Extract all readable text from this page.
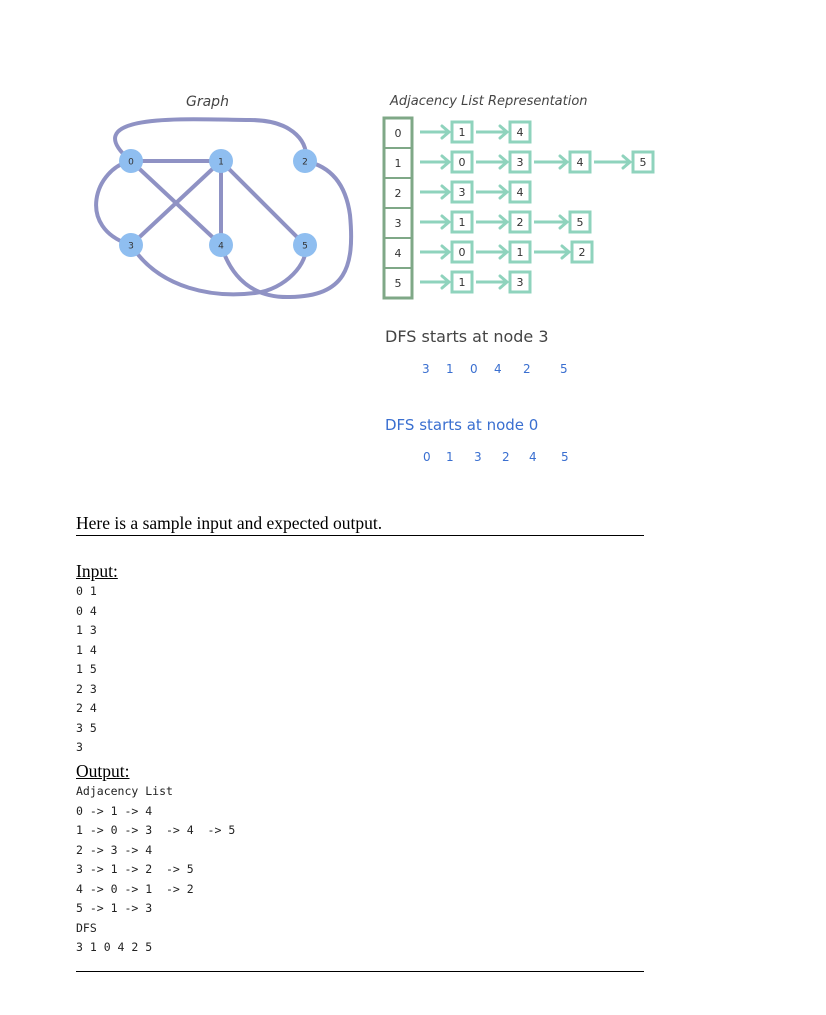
Graph
0	1	2
3	4	5
Adjacency List Representation
0	1	4
1	0	3	4	5
2	3	4
3	1	2	5
4	0	1	2
5	1	3
DFS starts at node 3
3 1 0 4 2 5
DFS starts at node 0
0 1 3 2 4 5
Here is a sample input and expected output.
Input:
0 1
0 4
1 3
1 4
1 5
2 3
2 4
3 5
3
Output:
Adjacency List
0 -> 1 -> 4
1 -> 0 -> 3  -> 4  -> 5
2 -> 3 -> 4
3 -> 1 -> 2  -> 5
4 -> 0 -> 1  -> 2
5 -> 1 -> 3
DFS
3 1 0 4 2 5
